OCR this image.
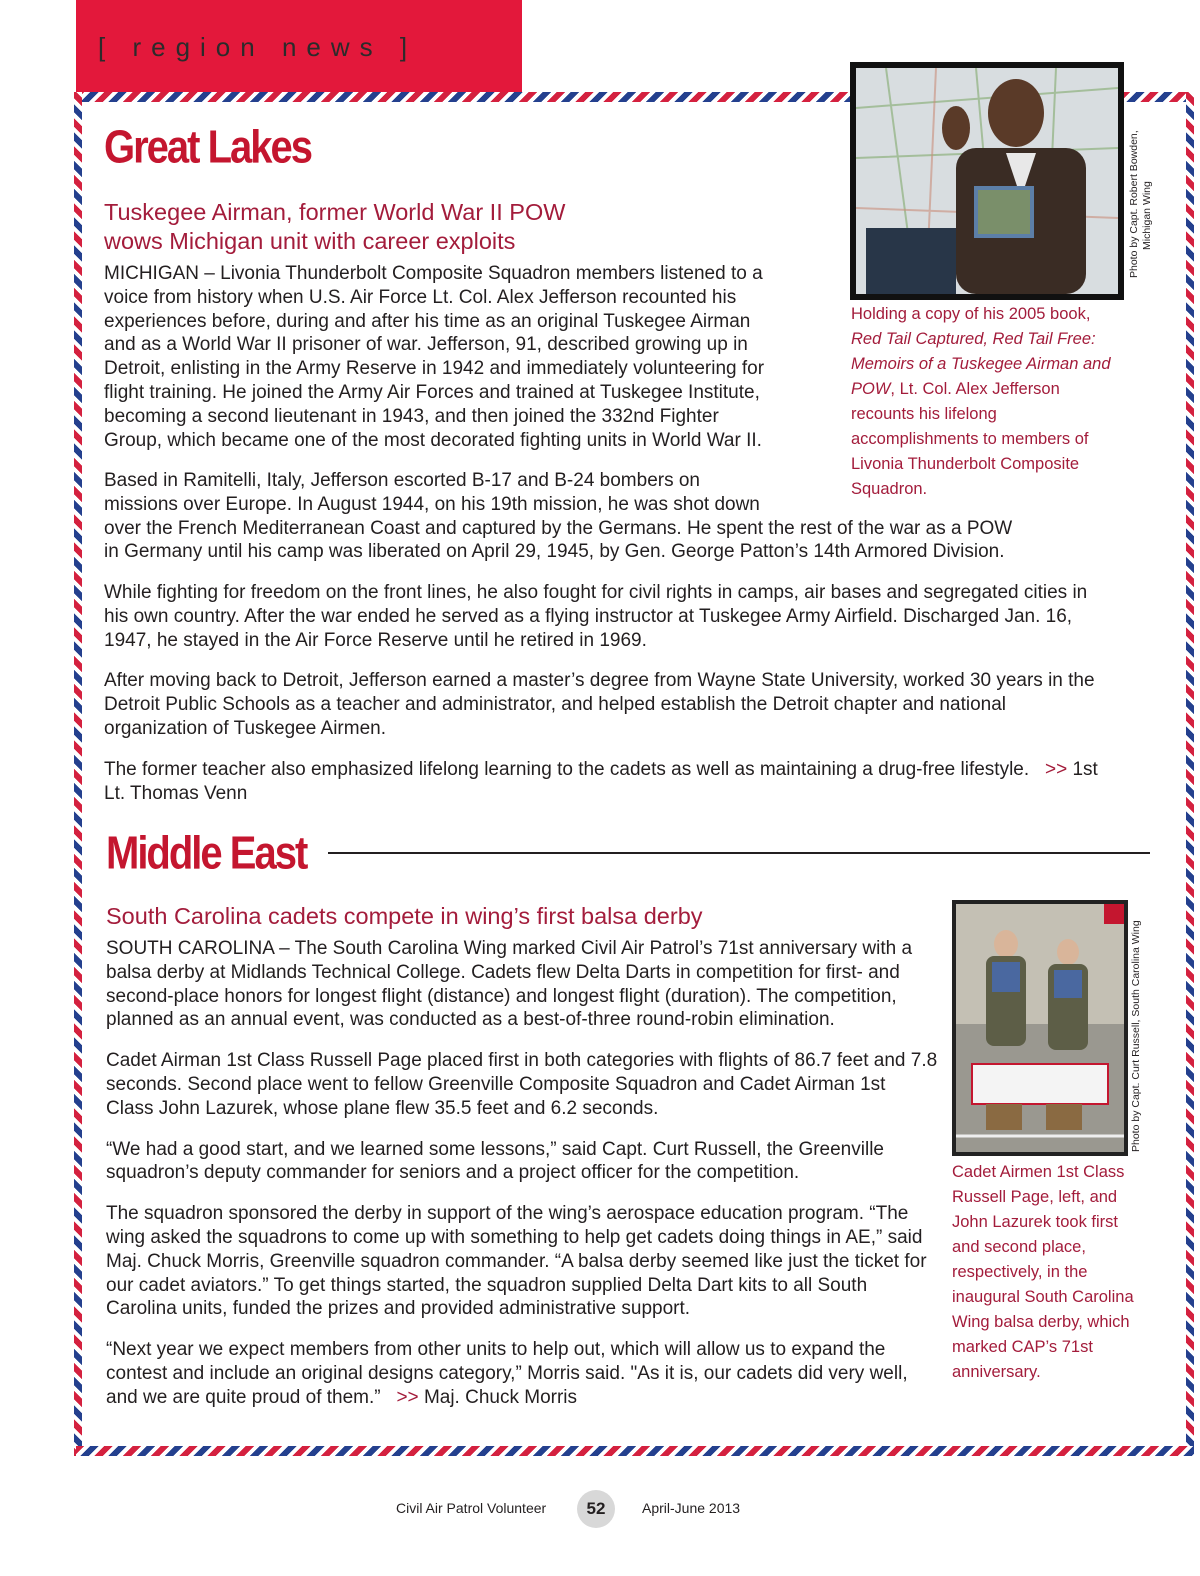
[ region news ]
Great Lakes
Tuskegee Airman, former World War II POW
wows Michigan unit with career exploits
MICHIGAN – Livonia Thunderbolt Composite Squadron members listened to a
voice from history when U.S. Air Force Lt. Col. Alex Jefferson recounted his
experiences before, during and after his time as an original Tuskegee Airman
and as a World War II prisoner of war. Jefferson, 91, described growing up in
Detroit, enlisting in the Army Reserve in 1942 and immediately volunteering for
flight training. He joined the Army Air Forces and trained at Tuskegee Institute,
becoming a second lieutenant in 1943, and then joined the 332nd Fighter
Group, which became one of the most decorated fighting units in World War II.
Based in Ramitelli, Italy, Jefferson escorted B-17 and B-24 bombers on
missions over Europe. In August 1944, on his 19th mission, he was shot down
over the French Mediterranean Coast and captured by the Germans. He spent the rest of the war as a POW
in Germany until his camp was liberated on April 29, 1945, by Gen. George Patton’s 14th Armored Division.

While fighting for freedom on the front lines, he also fought for civil rights in camps, air bases and segregated cities in his own country. After the war ended he served as a flying instructor at Tuskegee Army Airfield. Discharged Jan. 16, 1947, he stayed in the Air Force Reserve until he retired in 1969.

After moving back to Detroit, Jefferson earned a master’s degree from Wayne State University, worked 30 years in the Detroit Public Schools as a teacher and administrator, and helped establish the Detroit chapter and national organization of Tuskegee Airmen.

The former teacher also emphasized lifelong learning to the cadets as well as maintaining a drug-free lifestyle. >> 1st Lt. Thomas Venn

Photo by Capt. Robert Bowden, Michigan Wing
Holding a copy of his 2005 book, Red Tail Captured, Red Tail Free: Memoirs of a Tuskegee Airman and POW, Lt. Col. Alex Jefferson recounts his lifelong accomplishments to members of Livonia Thunderbolt Composite Squadron.
Middle East
South Carolina cadets compete in wing’s first balsa derby

SOUTH CAROLINA – The South Carolina Wing marked Civil Air Patrol’s 71st anniversary with a balsa derby at Midlands Technical College. Cadets flew Delta Darts in competition for first- and second-place honors for longest flight (distance) and longest flight (duration). The competition, planned as an annual event, was conducted as a best-of-three round-robin elimination.

Cadet Airman 1st Class Russell Page placed first in both categories with flights of 86.7 feet and 7.8 seconds. Second place went to fellow Greenville Composite Squadron and Cadet Airman 1st Class John Lazurek, whose plane flew 35.5 feet and 6.2 seconds.

“We had a good start, and we learned some lessons,” said Capt. Curt Russell, the Greenville squadron’s deputy commander for seniors and a project officer for the competition.

The squadron sponsored the derby in support of the wing’s aerospace education program. “The wing asked the squadrons to come up with something to help get cadets doing things in AE,” said Maj. Chuck Morris, Greenville squadron commander. “A balsa derby seemed like just the ticket for our cadet aviators.” To get things started, the squadron supplied Delta Dart kits to all South Carolina units, funded the prizes and provided administrative support.

“Next year we expect members from other units to help out, which will allow us to expand the contest and include an original designs category,” Morris said. "As it is, our cadets did very well, and we are quite proud of them.” >> Maj. Chuck Morris

Photo by Capt. Curt Russell, South Carolina Wing
Cadet Airmen 1st Class Russell Page, left, and John Lazurek took first and second place, respectively, in the inaugural South Carolina Wing balsa derby, which marked CAP’s 71st anniversary.
Civil Air Patrol Volunteer	52	April-June 2013
